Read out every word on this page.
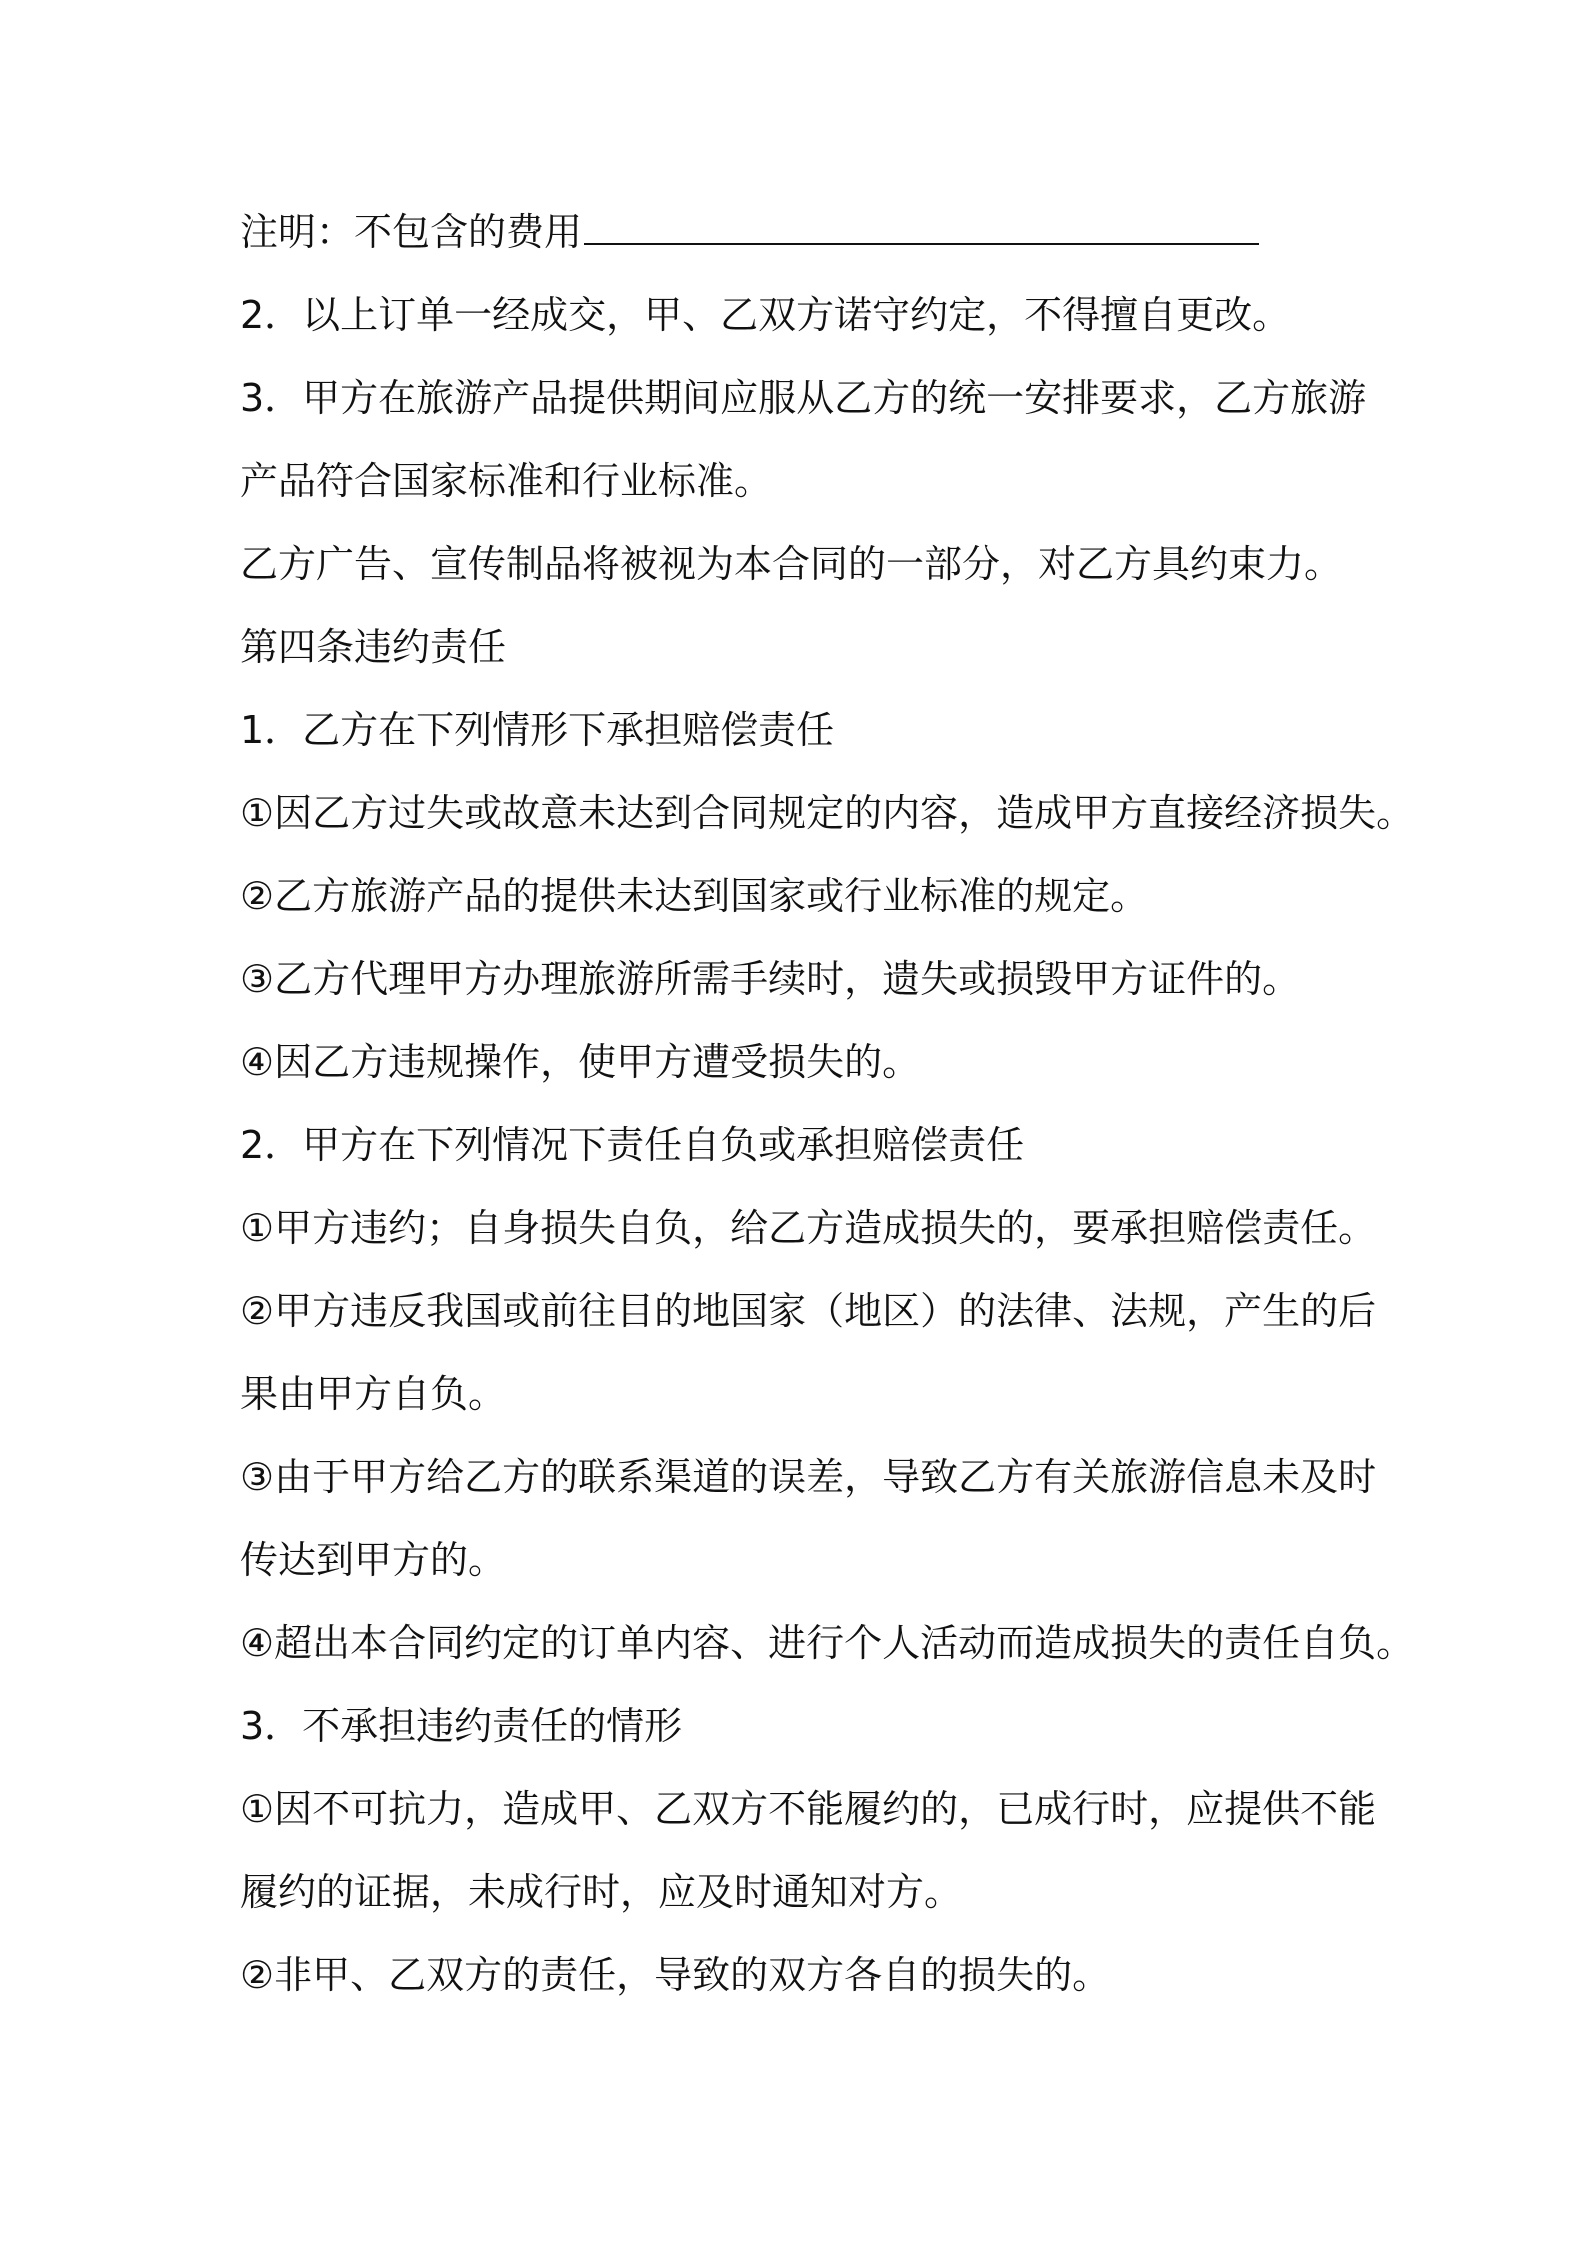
注明：不包含的费用
2．以上订单一经成交，甲、乙双方诺守约定，不得擅自更改。
3．甲方在旅游产品提供期间应服从乙方的统一安排要求，乙方旅游
产品符合国家标准和行业标准。
乙方广告、宣传制品将被视为本合同的一部分，对乙方具约束力。
第四条违约责任
1．乙方在下列情形下承担赔偿责任
①因乙方过失或故意未达到合同规定的内容，造成甲方直接经济损失。
②乙方旅游产品的提供未达到国家或行业标准的规定。
③乙方代理甲方办理旅游所需手续时，遗失或损毁甲方证件的。
④因乙方违规操作，使甲方遭受损失的。
2．甲方在下列情况下责任自负或承担赔偿责任
①甲方违约；自身损失自负，给乙方造成损失的，要承担赔偿责任。
②甲方违反我国或前往目的地国家（地区）的法律、法规，产生的后
果由甲方自负。
③由于甲方给乙方的联系渠道的误差，导致乙方有关旅游信息未及时
传达到甲方的。
④超出本合同约定的订单内容、进行个人活动而造成损失的责任自负。
3．不承担违约责任的情形
①因不可抗力，造成甲、乙双方不能履约的，已成行时，应提供不能
履约的证据，未成行时，应及时通知对方。
②非甲、乙双方的责任，导致的双方各自的损失的。
